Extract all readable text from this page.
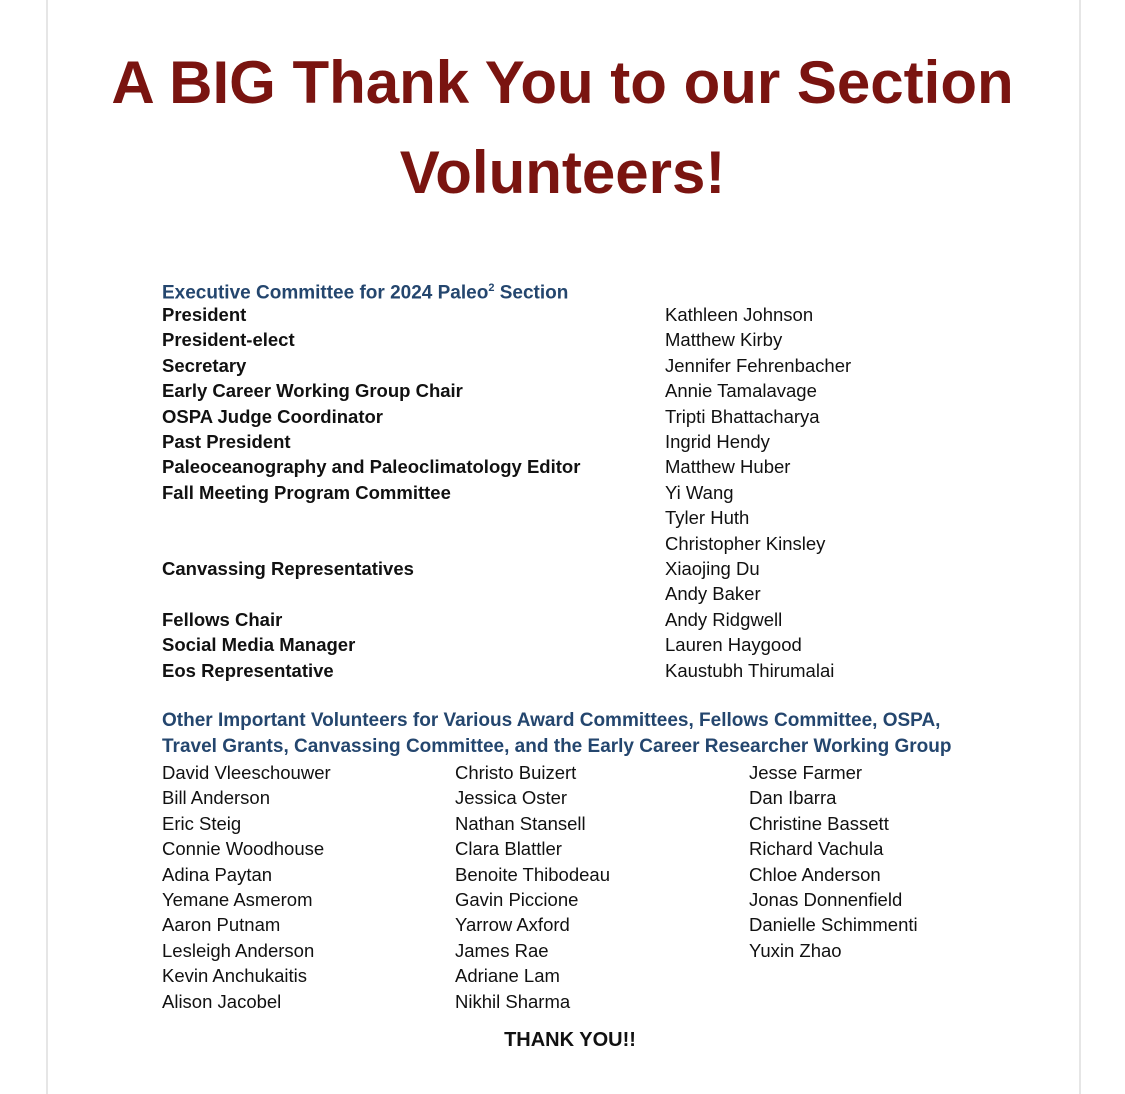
A BIG Thank You to our Section
Volunteers!
Executive Committee for 2024 Paleo$^2$ Section
President	Kathleen Johnson
President-elect	Matthew Kirby
Secretary	Jennifer Fehrenbacher
Early Career Working Group Chair	Annie Tamalavage
OSPA Judge Coordinator	Tripti Bhattacharya
Past President	Ingrid Hendy
Paleoceanography and Paleoclimatology Editor	Matthew Huber
Fall Meeting Program Committee	Yi Wang
Tyler Huth
Christopher Kinsley
Canvassing Representatives	Xiaojing Du
Andy Baker
Fellows Chair	Andy Ridgwell
Social Media Manager	Lauren Haygood
Eos Representative	Kaustubh Thirumalai
Other Important Volunteers for Various Award Committees, Fellows Committee, OSPA,
Travel Grants, Canvassing Committee, and the Early Career Researcher Working Group
David Vleeschouwer
Bill Anderson
Eric Steig
Connie Woodhouse
Adina Paytan
Yemane Asmerom
Aaron Putnam
Lesleigh Anderson
Kevin Anchukaitis
Alison Jacobel
Christo Buizert
Jessica Oster
Nathan Stansell
Clara Blattler
Benoite Thibodeau
Gavin Piccione
Yarrow Axford
James Rae
Adriane Lam
Nikhil Sharma
Jesse Farmer
Dan Ibarra
Christine Bassett
Richard Vachula
Chloe Anderson
Jonas Donnenfield
Danielle Schimmenti
Yuxin Zhao
THANK YOU!!
